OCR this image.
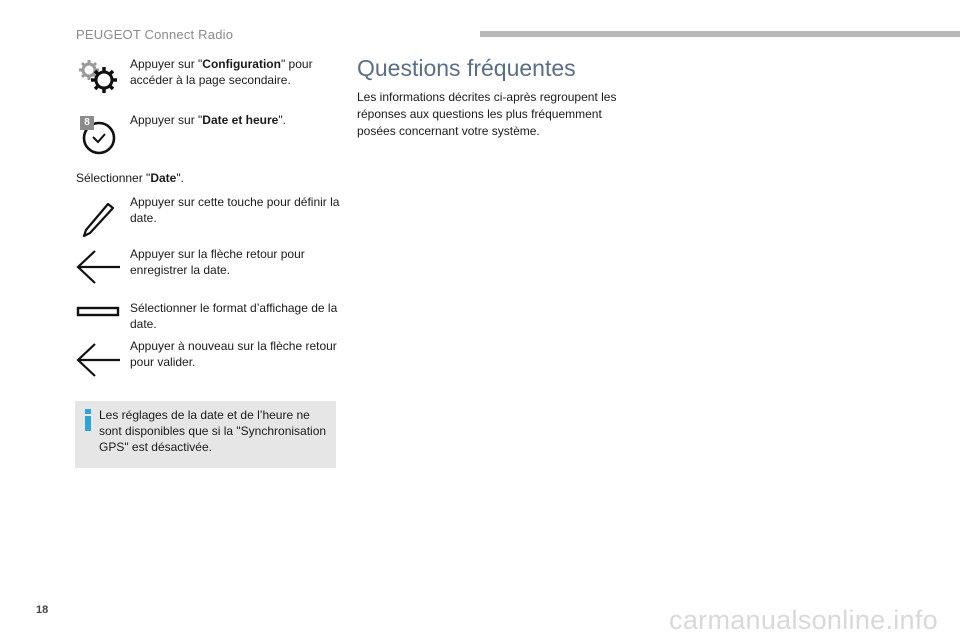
PEUGEOT Connect Radio
Appuyer sur "Configuration" pour accéder à la page secondaire.
8	Appuyer sur "Date et heure".
Sélectionner "Date".
Appuyer sur cette touche pour définir la date.
Appuyer sur la flèche retour pour enregistrer la date.
Sélectionner le format d’affichage de la date.
Appuyer à nouveau sur la flèche retour pour valider.
Les réglages de la date et de l’heure ne sont disponibles que si la "Synchronisation GPS" est désactivée.
Questions fréquentes
Les informations décrites ci-après regroupent les réponses aux questions les plus fréquemment posées concernant votre système.
18	carmanualsonline.info
